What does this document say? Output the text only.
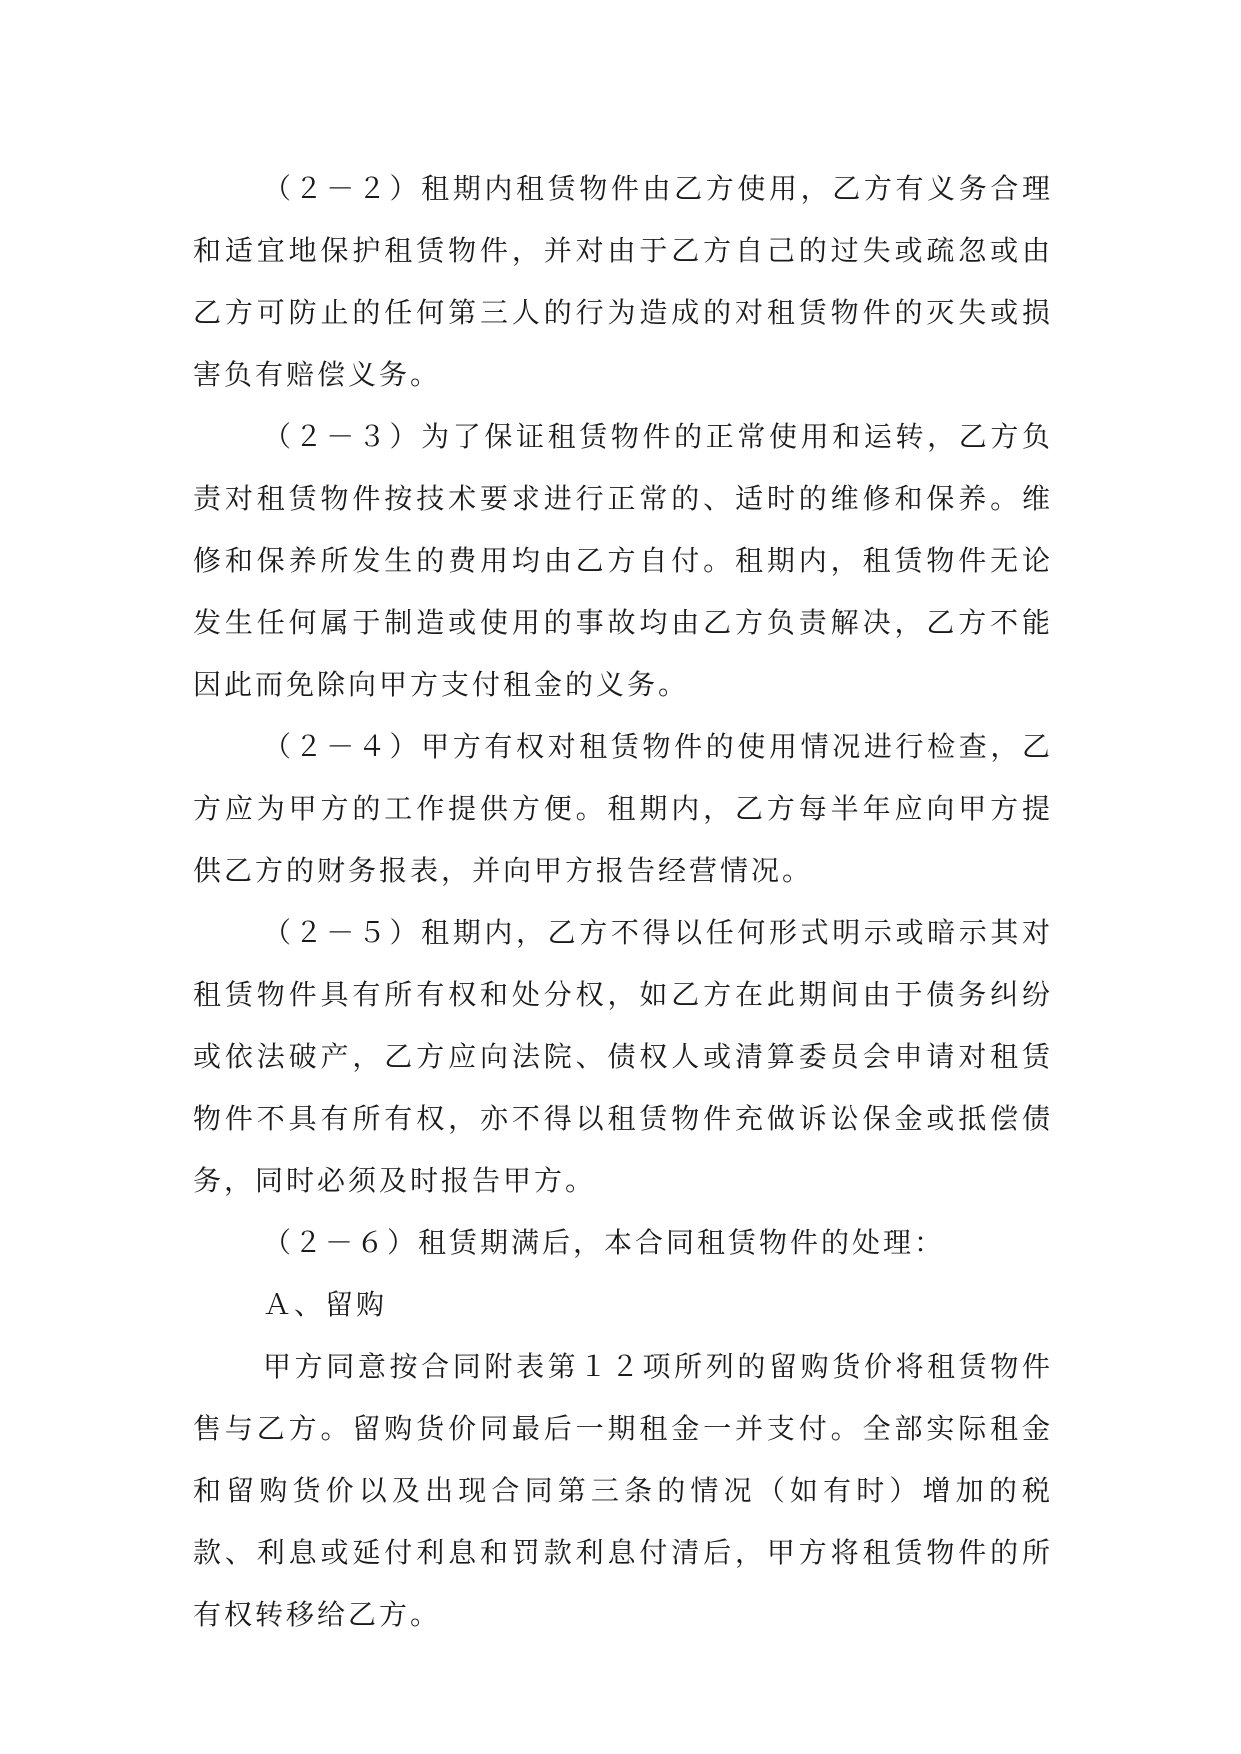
（２－２）租期内租赁物件由乙方使用，乙方有义务合理和适宜地保护租赁物件，并对由于乙方自己的过失或疏忽或由乙方可防止的任何第三人的行为造成的对租赁物件的灭失或损害负有赔偿义务。

（２－３）为了保证租赁物件的正常使用和运转，乙方负责对租赁物件按技术要求进行正常的、适时的维修和保养。维修和保养所发生的费用均由乙方自付。租期内，租赁物件无论发生任何属于制造或使用的事故均由乙方负责解决，乙方不能因此而免除向甲方支付租金的义务。

（２－４）甲方有权对租赁物件的使用情况进行检查，乙方应为甲方的工作提供方便。租期内，乙方每半年应向甲方提供乙方的财务报表，并向甲方报告经营情况。

（２－５）租期内，乙方不得以任何形式明示或暗示其对租赁物件具有所有权和处分权，如乙方在此期间由于债务纠纷或依法破产，乙方应向法院、债权人或清算委员会申请对租赁物件不具有所有权，亦不得以租赁物件充做诉讼保金或抵偿债务，同时必须及时报告甲方。

（２－６）租赁期满后，本合同租赁物件的处理：

Ａ、留购

甲方同意按合同附表第１２项所列的留购货价将租赁物件售与乙方。留购货价同最后一期租金一并支付。全部实际租金和留购货价以及出现合同第三条的情况（如有时）增加的税款、利息或延付利息和罚款利息付清后，甲方将租赁物件的所有权转移给乙方。
